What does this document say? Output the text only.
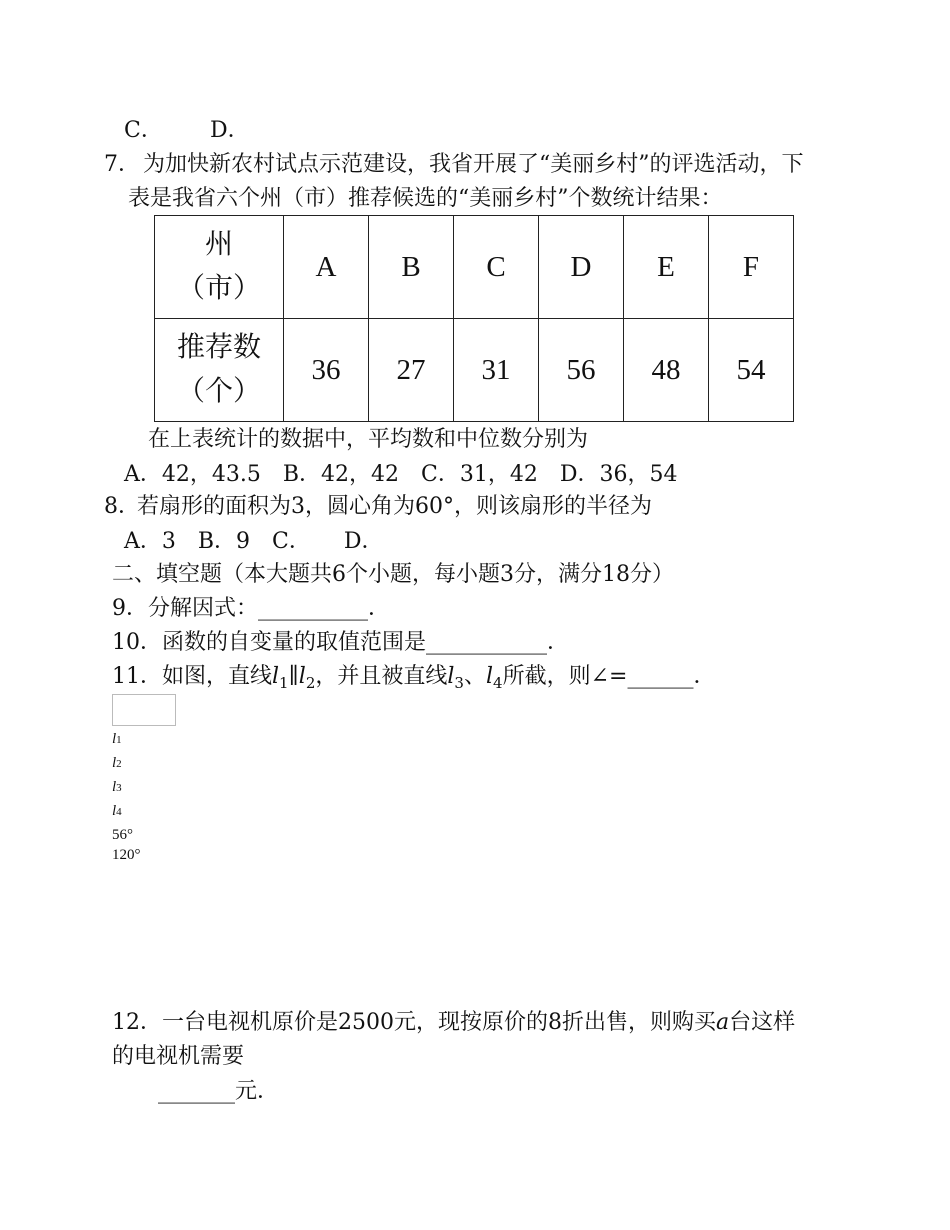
C． D．
7． 为加快新农村试点示范建设，我省开展了“美丽乡村”的评选活动，下
表是我省六个州（市）推荐候选的“美丽乡村”个数统计结果：
州
（市）	A	B	C	D	E	F

推荐数
（个）	36	27	31	56	48	54
在上表统计的数据中，平均数和中位数分别为
A．42，43.5　B．42，42　C．31，42　D．36，54
8．
若扇形的面积为3，圆心角为60°，则该扇形的半径为
A．3　B．9　C．　　D．
二、填空题（本大题共6个小题，每小题3分，满分18分）
9．分解因式：__________．
10．函数的自变量的取值范围是___________．
11．如图，直线$l_1\parallel l_2$，并且被直线$l_3$、$l_4$所截，则∠=______．
l1
l2
l3
l4
56°
120°
12．一台电视机原价是2500元，现按原价的8折出售，则购买a台这样
的电视机需要
_______元．
